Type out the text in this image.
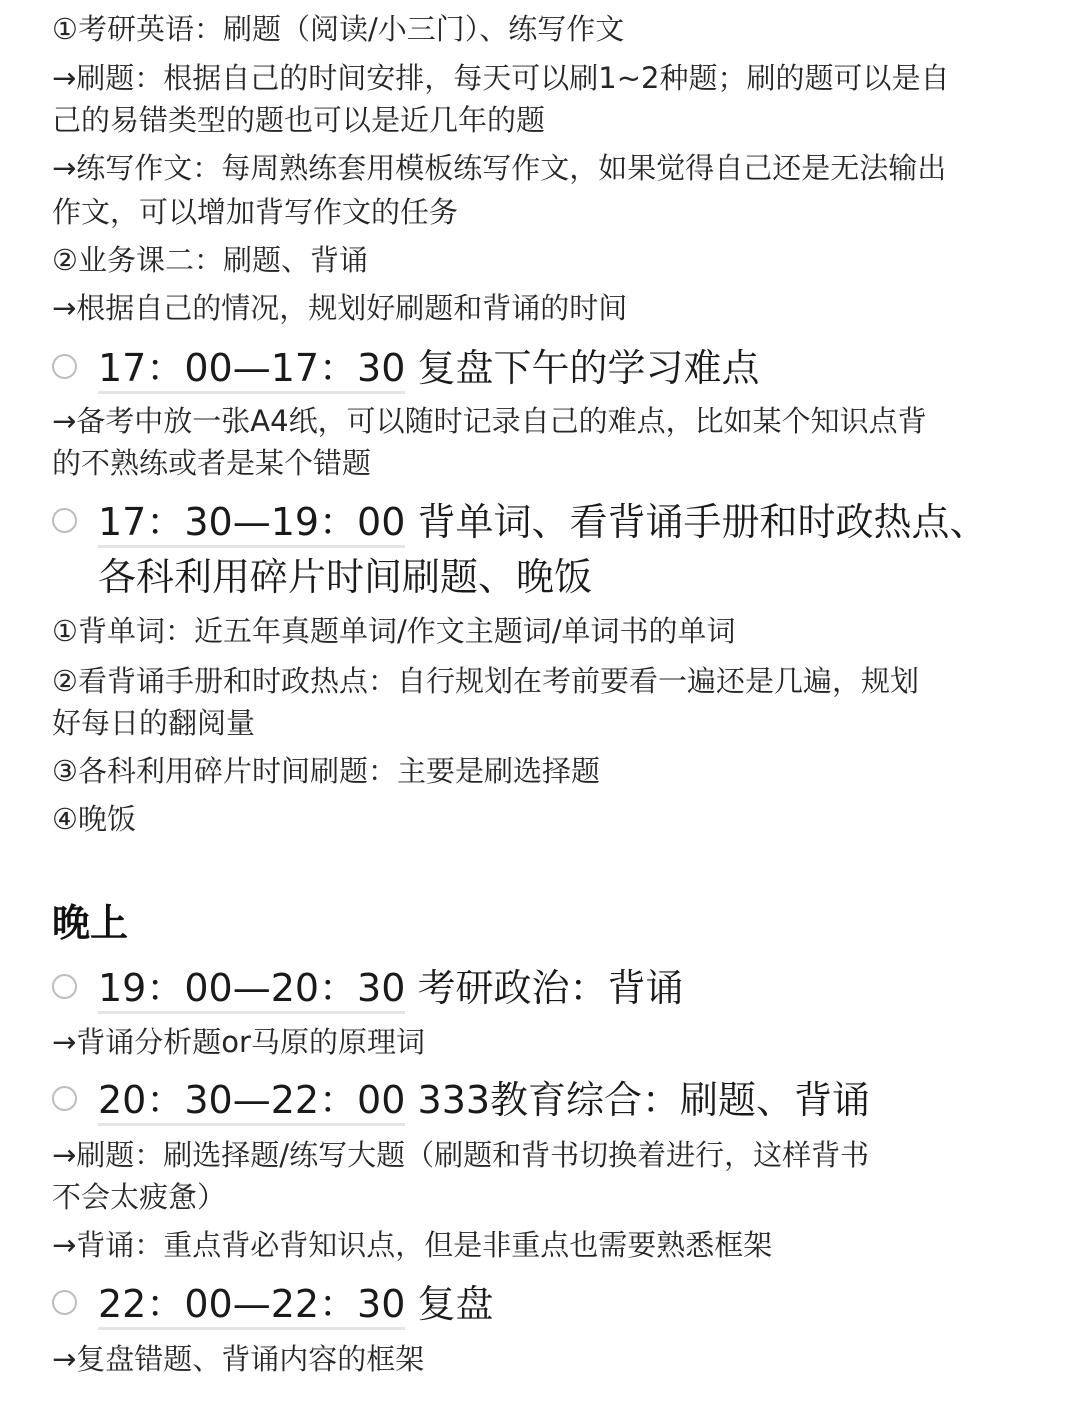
①考研英语：刷题（阅读/小三门）、练写作文
→刷题：根据自己的时间安排，每天可以刷1~2种题；刷的题可以是自
己的易错类型的题也可以是近几年的题
→练写作文：每周熟练套用模板练写作文，如果觉得自己还是无法输出
作文，可以增加背写作文的任务
②业务课二：刷题、背诵
→根据自己的情况，规划好刷题和背诵的时间
17：00—17：30 复盘下午的学习难点
→备考中放一张A4纸，可以随时记录自己的难点，比如某个知识点背
的不熟练或者是某个错题
17：30—19：00 背单词、看背诵手册和时政热点、
各科利用碎片时间刷题、晚饭
①背单词：近五年真题单词/作文主题词/单词书的单词
②看背诵手册和时政热点：自行规划在考前要看一遍还是几遍，规划
好每日的翻阅量
③各科利用碎片时间刷题：主要是刷选择题
④晚饭
晚上
19：00—20：30 考研政治：背诵
→背诵分析题or马原的原理词
20：30—22：00 333教育综合：刷题、背诵
→刷题：刷选择题/练写大题（刷题和背书切换着进行，这样背书
不会太疲惫）
→背诵：重点背必背知识点，但是非重点也需要熟悉框架
22：00—22：30 复盘
→复盘错题、背诵内容的框架
